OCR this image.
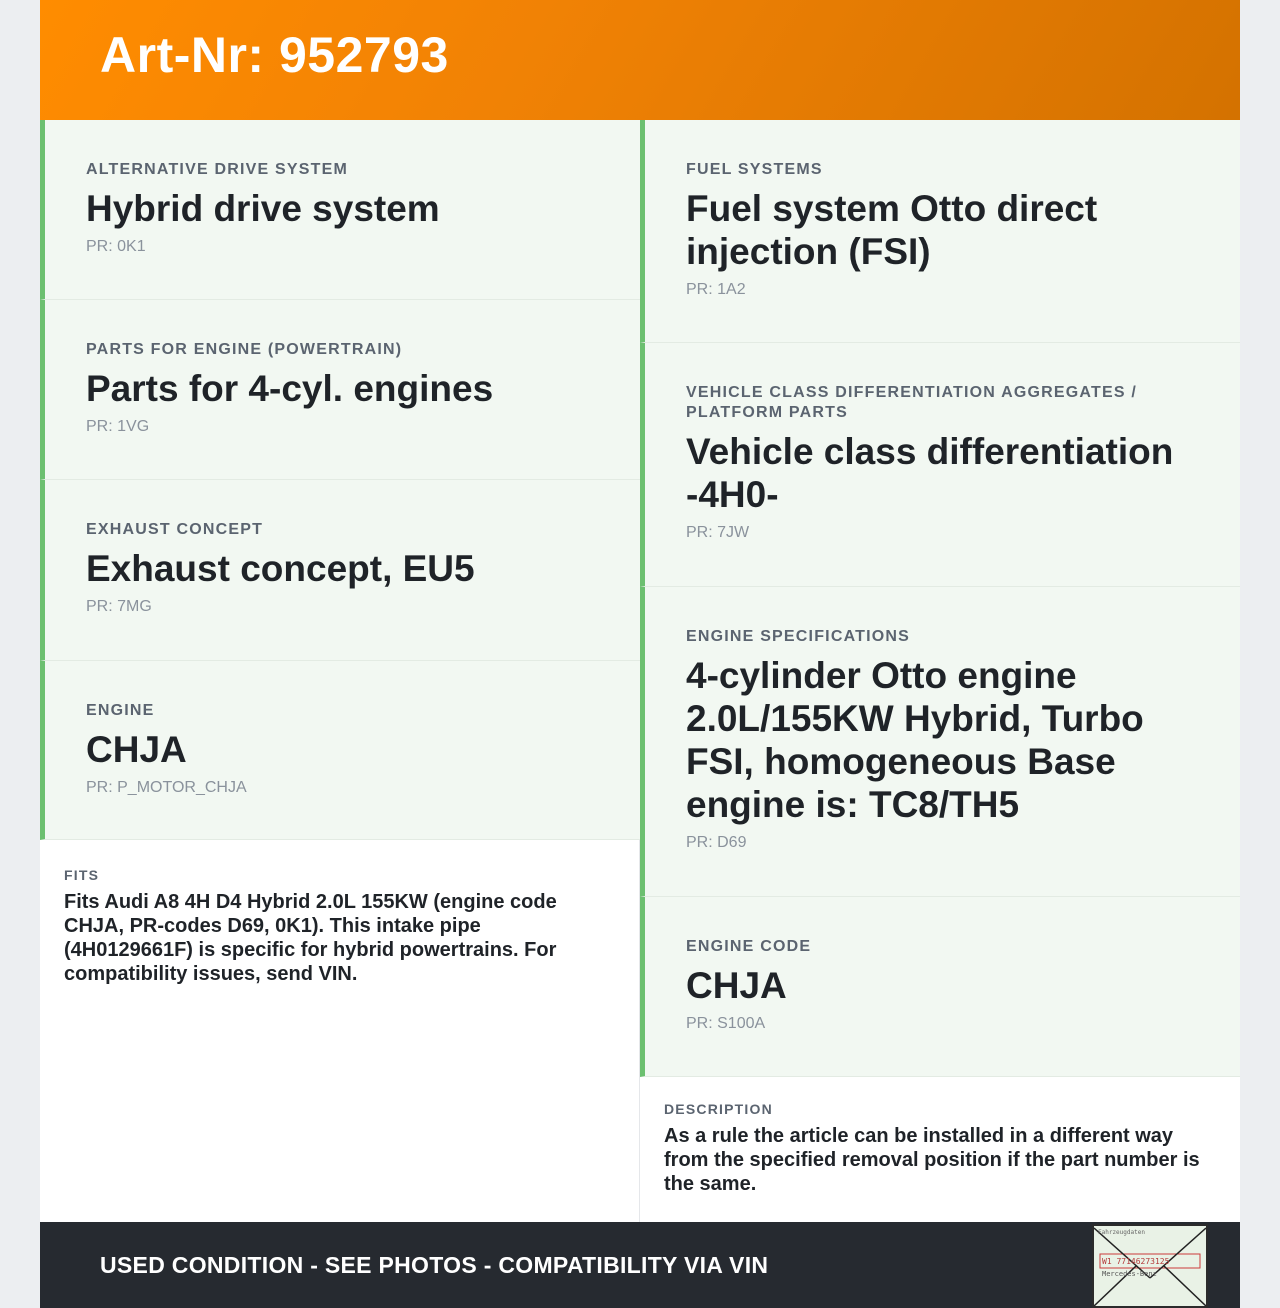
Art-Nr: 952793
ALTERNATIVE DRIVE SYSTEM
Hybrid drive system
PR: 0K1
PARTS FOR ENGINE (POWERTRAIN)
Parts for 4-cyl. engines
PR: 1VG
EXHAUST CONCEPT
Exhaust concept, EU5
PR: 7MG
ENGINE
CHJA
PR: P_MOTOR_CHJA
FUEL SYSTEMS
Fuel system Otto direct injection (FSI)
PR: 1A2
VEHICLE CLASS DIFFERENTIATION AGGREGATES / PLATFORM PARTS
Vehicle class differentiation -4H0-
PR: 7JW
ENGINE SPECIFICATIONS
4-cylinder Otto engine 2.0L/155KW Hybrid, Turbo FSI, homogeneous Base engine is: TC8/TH5
PR: D69
ENGINE CODE
CHJA
PR: S100A
FITS
Fits Audi A8 4H D4 Hybrid 2.0L 155KW (engine code CHJA, PR-codes D69, 0K1). This intake pipe (4H0129661F) is specific for hybrid powertrains. For compatibility issues, send VIN.
DESCRIPTION
As a rule the article can be installed in a different way from the specified removal position if the part number is the same.
USED CONDITION - SEE PHOTOS - COMPATIBILITY VIA VIN
Fahrzeugdaten
W1 77146273125
Mercedes-Benz
